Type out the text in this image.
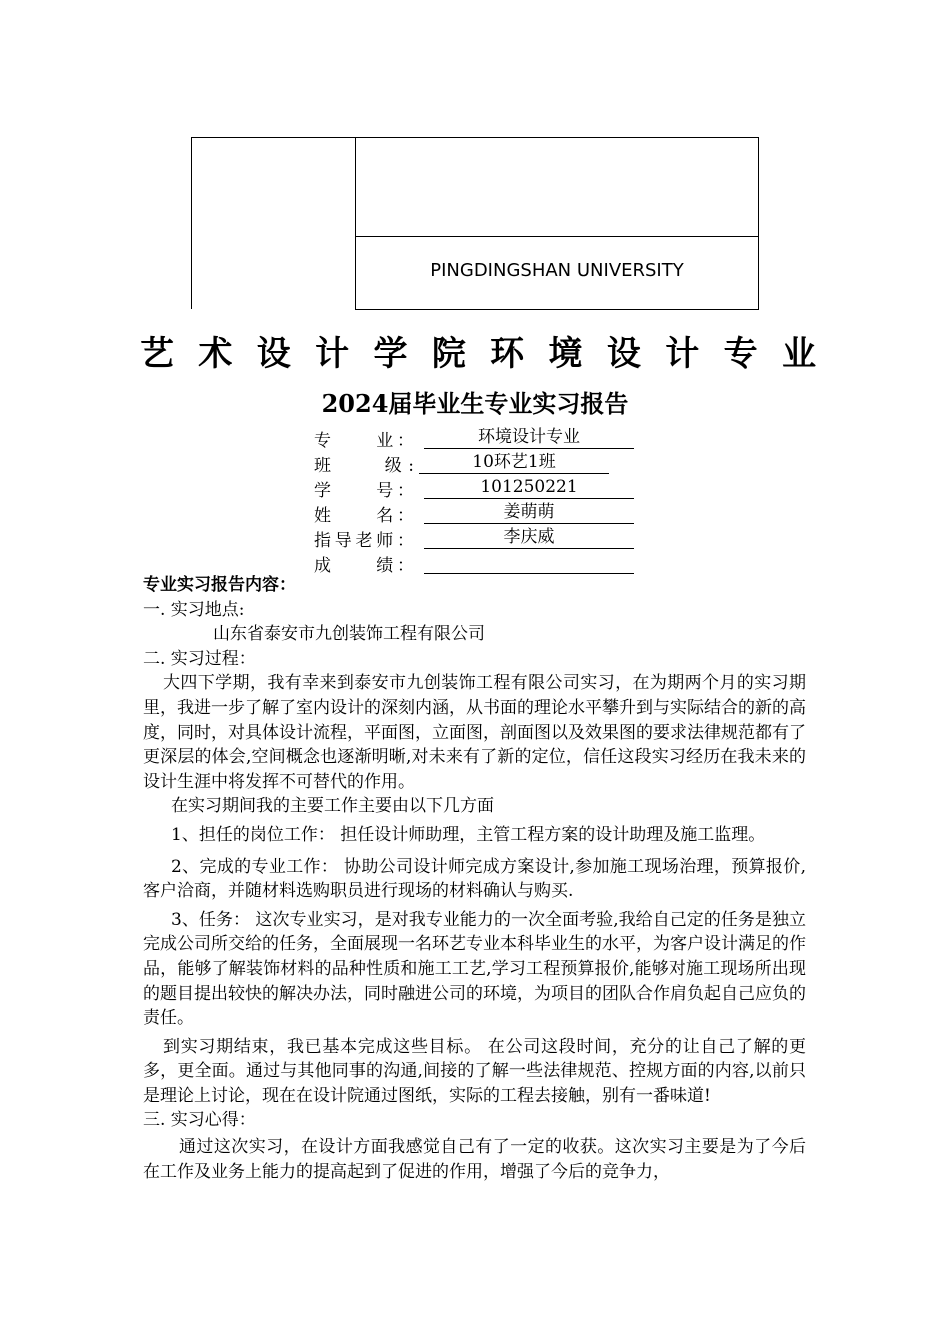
PINGDINGSHAN UNIVERSITY
艺术设计学院环境设计专业
2024届毕业生专业实习报告
专　　业：	环境设计专业
班　　级:	10环艺1班
学　　号：	101250221
姓　　名：	姜萌萌
指导老师：	李庆威
成　　绩：

专业实习报告内容：

一. 实习地点:

山东省泰安市九创装饰工程有限公司

二. 实习过程：

大四下学期，我有幸来到泰安市九创装饰工程有限公司实习，在为期两个月的实习期里，我进一步了解了室内设计的深刻内涵，从书面的理论水平攀升到与实际结合的新的高度，同时，对具体设计流程，平面图，立面图，剖面图以及效果图的要求法律规范都有了更深层的体会,空间概念也逐渐明晰,对未来有了新的定位，信任这段实习经历在我未来的设计生涯中将发挥不可替代的作用。

在实习期间我的主要工作主要由以下几方面

1、担任的岗位工作： 担任设计师助理，主管工程方案的设计助理及施工监理。

2、完成的专业工作： 协助公司设计师完成方案设计,参加施工现场治理，预算报价,客户洽商，并随材料选购职员进行现场的材料确认与购买.

3、任务： 这次专业实习，是对我专业能力的一次全面考验,我给自己定的任务是独立完成公司所交给的任务，全面展现一名环艺专业本科毕业生的水平，为客户设计满足的作品，能够了解装饰材料的品种性质和施工工艺,学习工程预算报价,能够对施工现场所出现的题目提出较快的解决办法，同时融进公司的环境，为项目的团队合作肩负起自己应负的责任。

到实习期结束，我已基本完成这些目标。 在公司这段时间，充分的让自己了解的更多，更全面。通过与其他同事的沟通,间接的了解一些法律规范、控规方面的内容,以前只是理论上讨论，现在在设计院通过图纸，实际的工程去接触，别有一番味道!

三. 实习心得：

通过这次实习，在设计方面我感觉自己有了一定的收获。这次实习主要是为了今后在工作及业务上能力的提高起到了促进的作用，增强了今后的竞争力，
